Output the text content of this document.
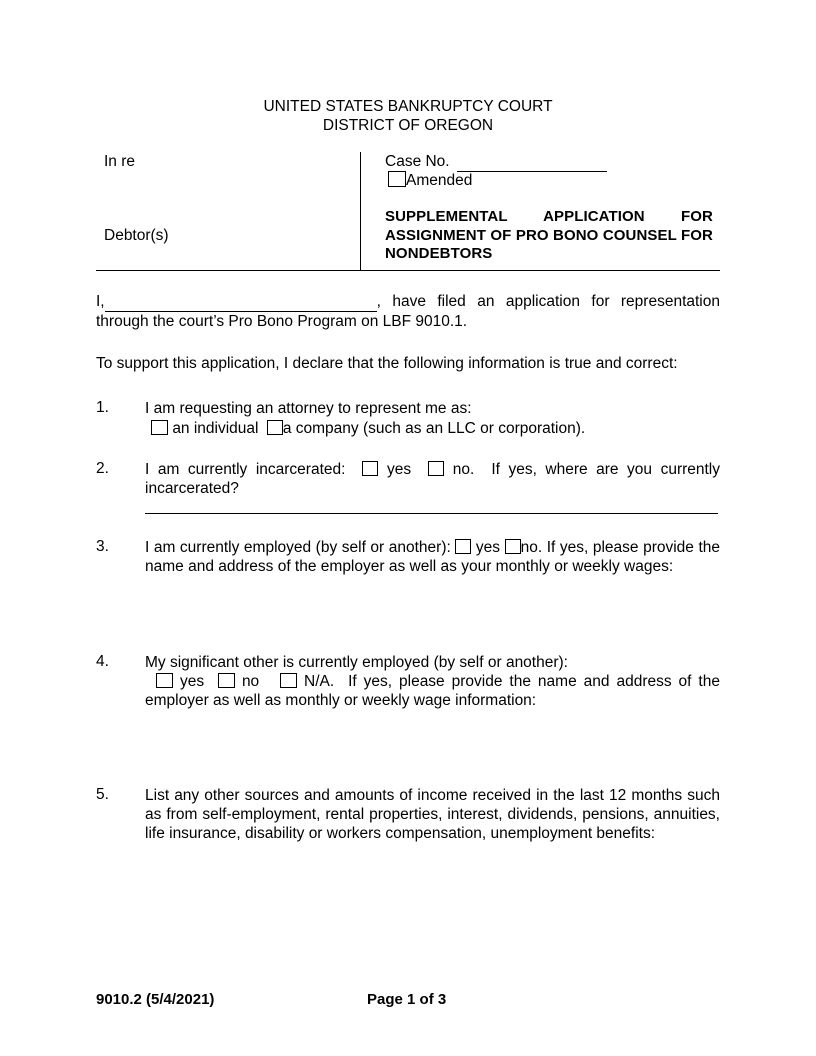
UNITED STATES BANKRUPTCY COURT
DISTRICT OF OREGON
In re
Debtor(s)
Case No.
Amended
SUPPLEMENTAL APPLICATION FOR ASSIGNMENT OF PRO BONO COUNSEL FOR NONDEBTORS
I,	, have filed an application for representation through the court’s Pro Bono Program on LBF 9010.1.
To support this application, I declare that the following information is true and correct:
1. I am requesting an attorney to represent me as:
an individual a company (such as an LLC or corporation).
2. I am currently incarcerated:	yes	no. If yes, where are you currently incarcerated?
3. I am currently employed (by self or another): yes no. If yes, please provide the name and address of the employer as well as your monthly or weekly wages:
4. My significant other is currently employed (by self or another):
yes no	N/A. If yes, please provide the name and address of the employer as well as monthly or weekly wage information:
5. List any other sources and amounts of income received in the last 12 months such as from self-employment, rental properties, interest, dividends, pensions, annuities, life insurance, disability or workers compensation, unemployment benefits:
9010.2 (5/4/2021)	Page 1 of 3
